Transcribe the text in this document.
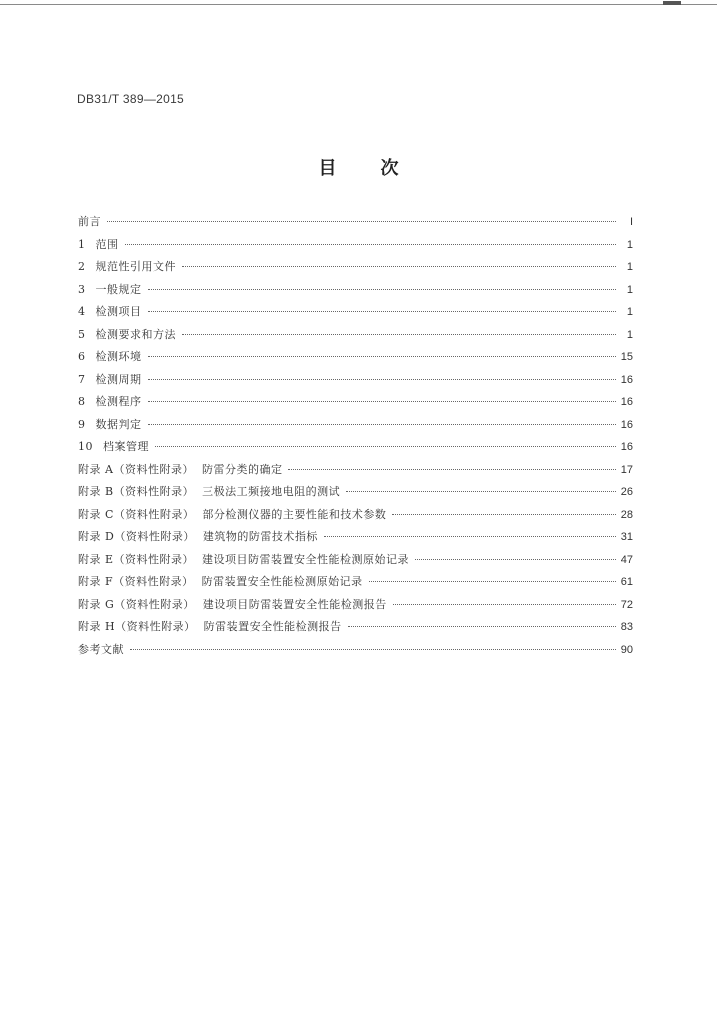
DB31/T 389—2015
目 次
前言	I
1 范围	1
2 规范性引用文件	1
3 一般规定	1
4 检测项目	1
5 检测要求和方法	1
6 检测环境	15
7 检测周期	16
8 检测程序	16
9 数据判定	16
10 档案管理	16
附录 A（资料性附录） 防雷分类的确定	17
附录 B（资料性附录） 三极法工频接地电阻的测试	26
附录 C（资料性附录） 部分检测仪器的主要性能和技术参数	28
附录 D（资料性附录） 建筑物的防雷技术指标	31
附录 E（资料性附录） 建设项目防雷装置安全性能检测原始记录	47
附录 F（资料性附录） 防雷装置安全性能检测原始记录	61
附录 G（资料性附录） 建设项目防雷装置安全性能检测报告	72
附录 H（资料性附录） 防雷装置安全性能检测报告	83
参考文献	90
